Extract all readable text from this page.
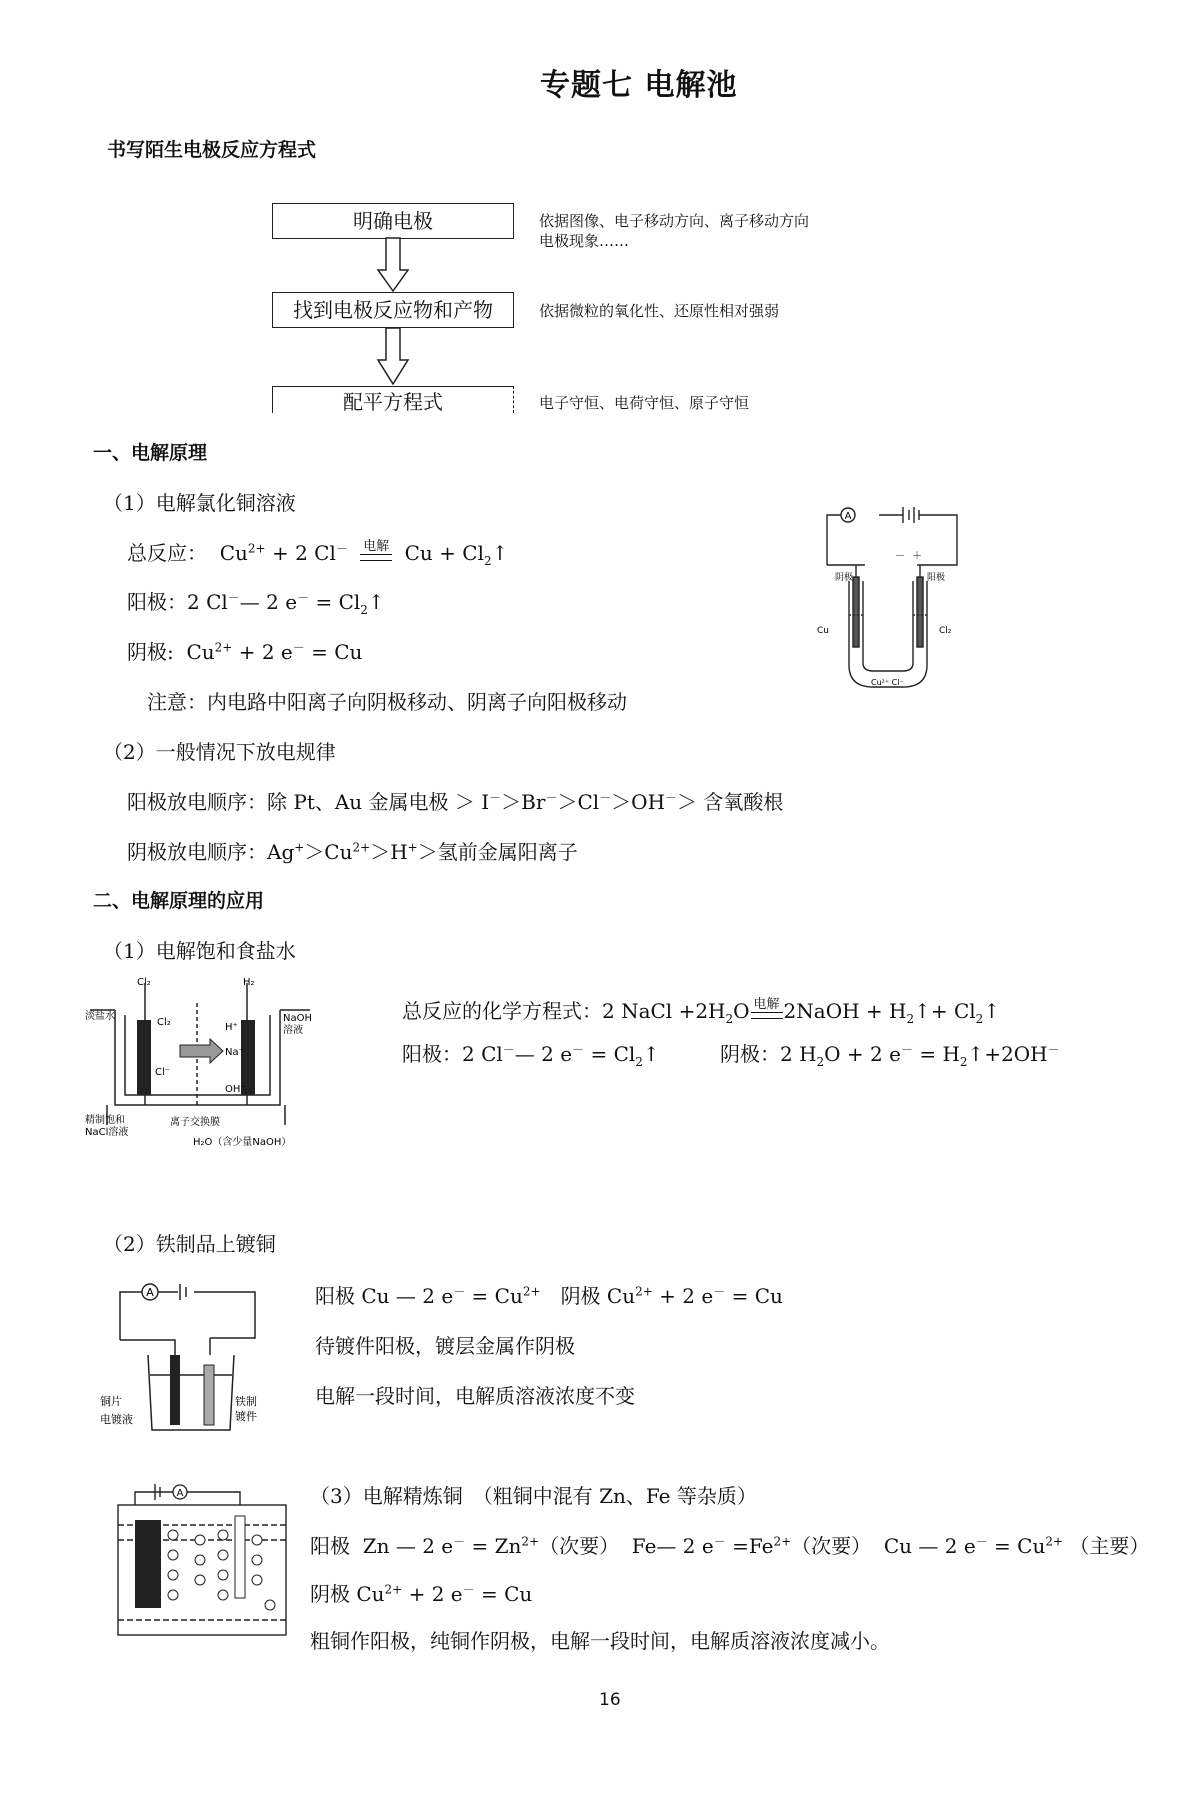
专题七 电解池
书写陌生电极反应方程式
明确电极
找到电极反应物和产物
配平方程式
依据图像、电子移动方向、离子移动方向
电极现象……
依据微粒的氧化性、还原性相对强弱
电子守恒、电荷守恒、原子守恒
一、电解原理
（1）电解氯化铜溶液
总反应：  $Cu^{2+} + 2$ Cl－ 电解 $Cu + Cl_2↑$
阳极：2 Cl－— 2 $e^- = Cl_2↑$
阴极:  $Cu^{2+} + 2$ e－ = Cu
注意：内电路中阳离子向阴极移动、阴离子向阳极移动
A
－ ＋
阴极	阳极
Cu	Cl₂
Cu²⁺ Cl⁻
（2）一般情况下放电规律
阳极放电顺序：除 Pt、Au 金属电极 ＞ I－＞Br－＞Cl－＞OH－＞ 含氧酸根
阴极放电顺序：$Ag^+>Cu^{2+}>H^+>$氢前金属阳离子
二、电解原理的应用
（1）电解饱和食盐水
Cl₂	H₂
淡盐水	NaOH
溶液
Cl₂	H⁺
Na⁺
Cl⁻
OH⁻
精制饱和
NaCl溶液
离子交换膜
H₂O（含少量NaOH）
总反应的化学方程式：2 NaCl $+2H_2O$ 电解 2NaOH + $H_2↑+$ $Cl_2↑$
阳极：2 Cl－— 2 $e^- = Cl_2↑$	阴极：2 $H_2O + 2$ $e^- = H_2↑+2OH^-$
（2）铁制品上镀铜
A
铜片
电镀液
铁制
镀件
阳极 Cu — 2 $e^- = Cu^{2+}$　 阴极 $Cu^{2+} + 2$ e－ = Cu
待镀件阳极，镀层金属作阴极
电解一段时间，电解质溶液浓度不变
A	（3）电解精炼铜　（粗铜中混有 Zn、Fe 等杂质）
阳极  Zn — 2 $e^- = Zn^{2+}$（次要）  Fe— 2 $e^- =Fe^{2+}$（次要）  Cu — 2 $e^- = Cu^{2+}$ （主要）
阴极 $Cu^{2+} + 2$ e－ = Cu
粗铜作阳极，纯铜作阴极，电解一段时间，电解质溶液浓度减小。
16
